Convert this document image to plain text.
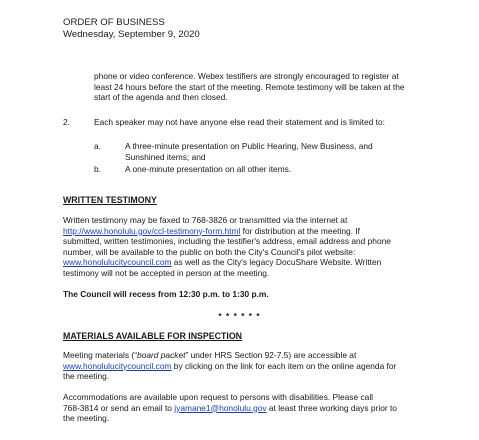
ORDER OF BUSINESS
Wednesday, September 9, 2020
phone or video conference. Webex testifiers are strongly encouraged to register at
least 24 hours before the start of the meeting. Remote testimony will be taken at the
start of the agenda and then closed.
2.	Each speaker may not have anyone else read their statement and is limited to:
a.	A three-minute presentation on Public Hearing, New Business, and
Sunshined items; and
b.	A one-minute presentation on all other items.
WRITTEN TESTIMONY
Written testimony may be faxed to 768-3826 or transmitted via the internet at
http://www.honolulu.gov/ccl-testimony-form.html for distribution at the meeting. If
submitted, written testimonies, including the testifier's address, email address and phone
number, will be available to the public on both the City's Council's pilot website:
www.honolulucitycouncil.com as well as the City's legacy DocuShare Website. Written
testimony will not be accepted in person at the meeting.
The Council will recess from 12:30 p.m. to 1:30 p.m.
* * * * * *
MATERIALS AVAILABLE FOR INSPECTION
Meeting materials (“board packet” under HRS Section 92-7.5) are accessible at
www.honolulucitycouncil.com by clicking on the link for each item on the online agenda for
the meeting.
Accommodations are available upon request to persons with disabilities. Please call
768-3814 or send an email to jyamane1@honolulu.gov at least three working days prior to
the meeting.
